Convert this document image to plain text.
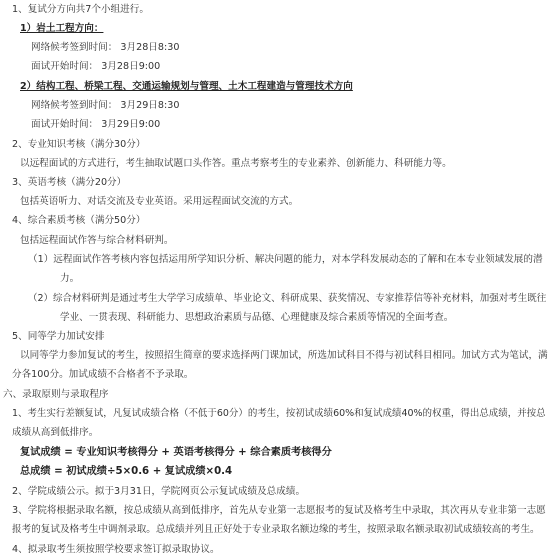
1、复试分方向共7个小组进行。
1）岩土工程方向：
网络候考签到时间： 3月28日8:30
面试开始时间： 3月28日9:00
2）结构工程、桥梁工程、交通运输规划与管理、土木工程建造与管理技术方向
网络候考签到时间： 3月29日8:30
面试开始时间： 3月29日9:00
2、专业知识考核（满分30分）
以远程面试的方式进行，考生抽取试题口头作答。重点考察考生的专业素养、创新能力、科研能力等。
3、英语考核（满分20分）
包括英语听力、对话交流及专业英语。采用远程面试交流的方式。
4、综合素质考核（满分50分）
包括远程面试作答与综合材料研判。
（1）远程面试作答考核内容包括运用所学知识分析、解决问题的能力，对本学科发展动态的了解和在本专业领域发展的潜
力。
（2）综合材料研判是通过考生大学学习成绩单、毕业论文、科研成果、获奖情况、专家推荐信等补充材料，加强对考生既往
学业、一贯表现、科研能力、思想政治素质与品德、心理健康及综合素质等情况的全面考查。
5、同等学力加试安排
以同等学力参加复试的考生，按照招生简章的要求选择两门课加试，所选加试科目不得与初试科目相同。加试方式为笔试，满
分各100分。加试成绩不合格者不予录取。
六、录取原则与录取程序
1、考生实行差额复试，凡复试成绩合格（不低于60分）的考生，按初试成绩60%和复试成绩40%的权重，得出总成绩，并按总
成绩从高到低排序。
复试成绩 = 专业知识考核得分 + 英语考核得分 + 综合素质考核得分
总成绩 = 初试成绩÷5×0.6 + 复试成绩×0.4
2、学院成绩公示。拟于3月31日，学院网页公示复试成绩及总成绩。
3、学院将根据录取名额，按总成绩从高到低排序，首先从专业第一志愿报考的复试及格考生中录取，其次再从专业非第一志愿
报考的复试及格考生中调剂录取。总成绩并列且正好处于专业录取名额边缘的考生，按照录取名额录取初试成绩较高的考生。
4、拟录取考生须按照学校要求签订拟录取协议。
